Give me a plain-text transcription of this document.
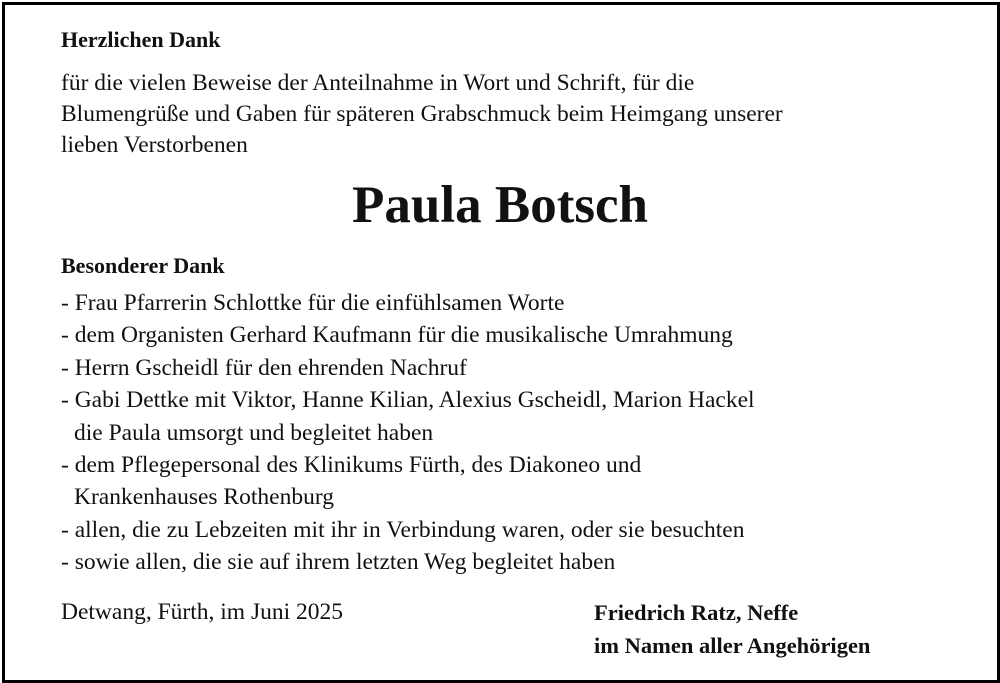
Herzlichen Dank
für die vielen Beweise der Anteilnahme in Wort und Schrift, für die
Blumengrüße und Gaben für späteren Grabschmuck beim Heimgang unserer
lieben Verstorbenen
Paula Botsch
Besonderer Dank
- Frau Pfarrerin Schlottke für die einfühlsamen Worte
- dem Organisten Gerhard Kaufmann für die musikalische Umrahmung
- Herrn Gscheidl für den ehrenden Nachruf
- Gabi Dettke mit Viktor, Hanne Kilian, Alexius Gscheidl, Marion Hackel
die Paula umsorgt und begleitet haben
- dem Pflegepersonal des Klinikums Fürth, des Diakoneo und
Krankenhauses Rothenburg
- allen, die zu Lebzeiten mit ihr in Verbindung waren, oder sie besuchten
- sowie allen, die sie auf ihrem letzten Weg begleitet haben
Detwang, Fürth, im Juni 2025	Friedrich Ratz, Neffe
im Namen aller Angehörigen
